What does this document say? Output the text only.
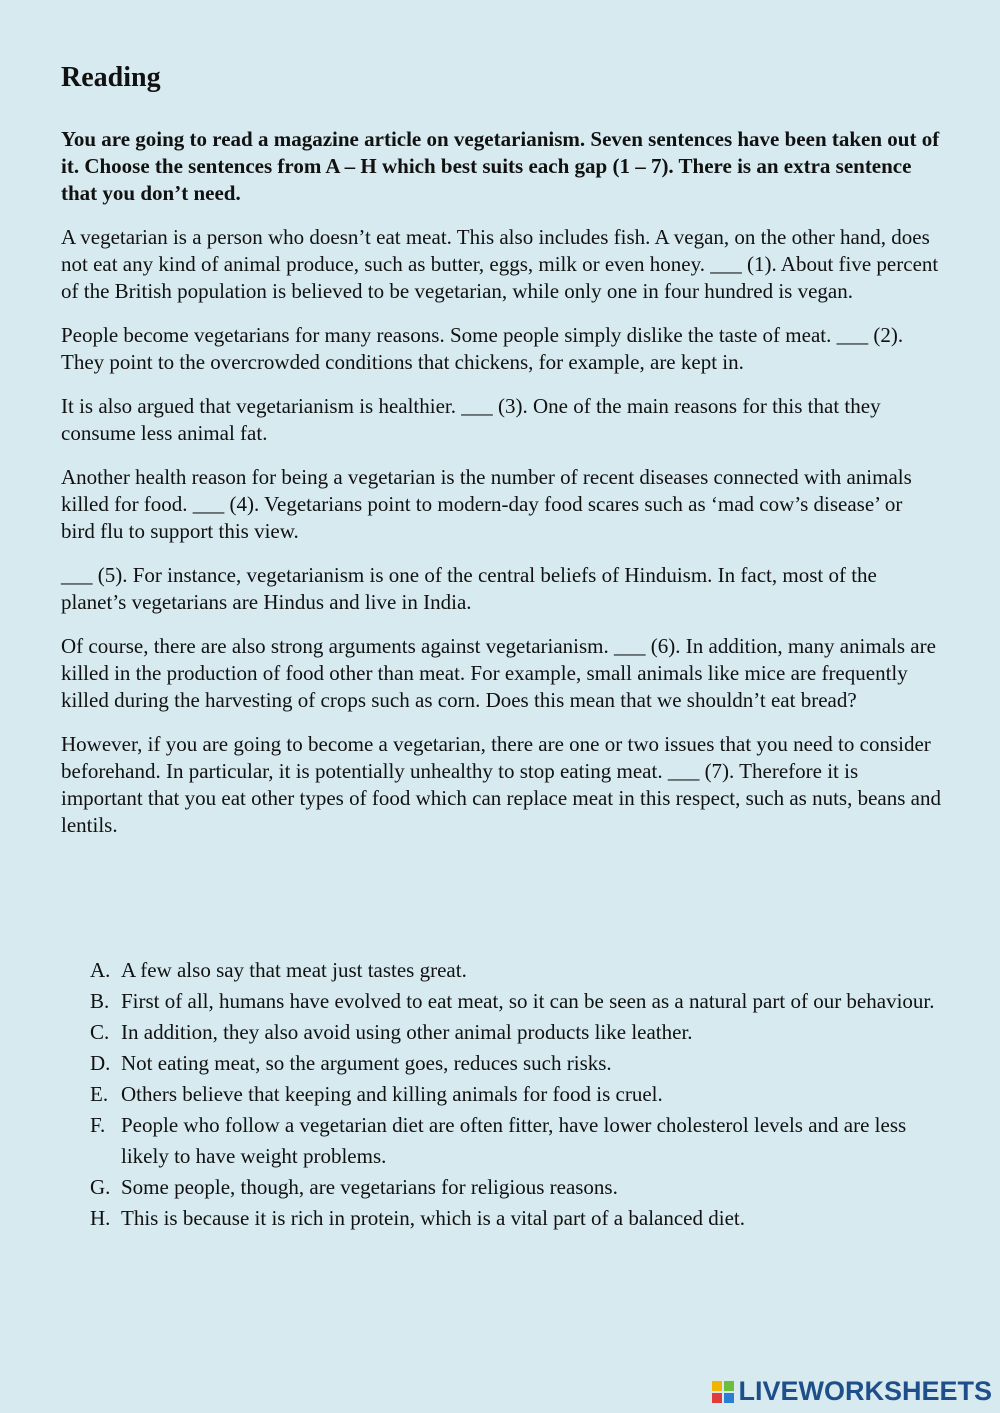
Reading

You are going to read a magazine article on vegetarianism. Seven sentences have been taken out of it. Choose the sentences from A – H which best suits each gap (1 – 7). There is an extra sentence that you don’t need.

A vegetarian is a person who doesn’t eat meat. This also includes fish. A vegan, on the other hand, does not eat any kind of animal produce, such as butter, eggs, milk or even honey. ___ (1). About five percent of the British population is believed to be vegetarian, while only one in four hundred is vegan.

People become vegetarians for many reasons. Some people simply dislike the taste of meat. ___ (2). They point to the overcrowded conditions that chickens, for example, are kept in.

It is also argued that vegetarianism is healthier. ___ (3). One of the main reasons for this that they consume less animal fat.

Another health reason for being a vegetarian is the number of recent diseases connected with animals killed for food. ___ (4). Vegetarians point to modern-day food scares such as ‘mad cow’s disease’ or bird flu to support this view.

___ (5). For instance, vegetarianism is one of the central beliefs of Hinduism. In fact, most of the planet’s vegetarians are Hindus and live in India.

Of course, there are also strong arguments against vegetarianism. ___ (6). In addition, many animals are killed in the production of food other than meat. For example, small animals like mice are frequently killed during the harvesting of crops such as corn. Does this mean that we shouldn’t eat bread?

However, if you are going to become a vegetarian, there are one or two issues that you need to consider beforehand. In particular, it is potentially unhealthy to stop eating meat. ___ (7). Therefore it is important that you eat other types of food which can replace meat in this respect, such as nuts, beans and lentils.

A. A few also say that meat just tastes great.
B. First of all, humans have evolved to eat meat, so it can be seen as a natural part of our behaviour.
C. In addition, they also avoid using other animal products like leather.
D. Not eating meat, so the argument goes, reduces such risks.
E. Others believe that keeping and killing animals for food is cruel.
F. People who follow a vegetarian diet are often fitter, have lower cholesterol levels and are less likely to have weight problems.
G. Some people, though, are vegetarians for religious reasons.
H. This is because it is rich in protein, which is a vital part of a balanced diet.
LIVEWORKSHEETS
